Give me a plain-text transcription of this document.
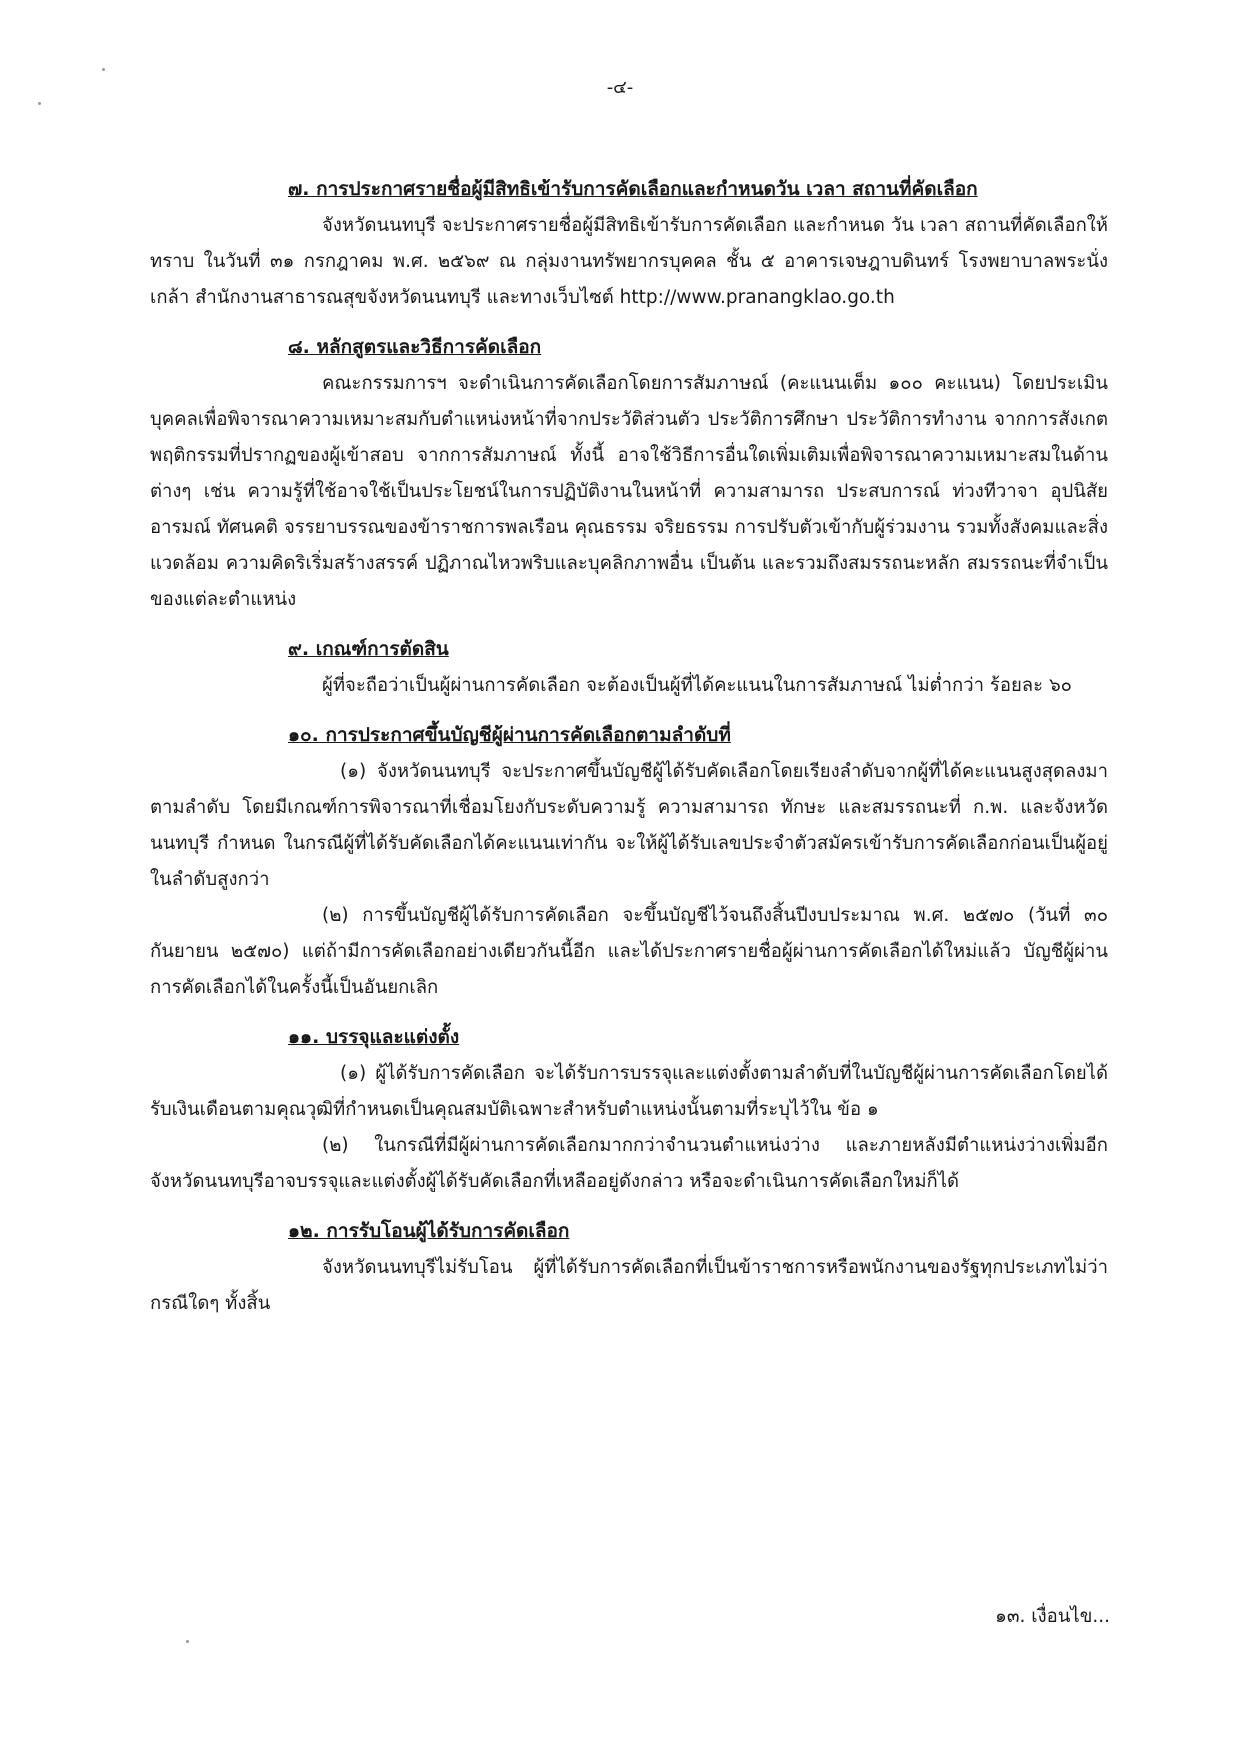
-๔-

๗. การประกาศรายชื่อผู้มีสิทธิเข้ารับการคัดเลือกและกำหนดวัน เวลา สถานที่คัดเลือก

จังหวัดนนทบุรี จะประกาศรายชื่อผู้มีสิทธิเข้ารับการคัดเลือก และกำหนด วัน เวลา สถานที่คัดเลือกให้ทราบ ในวันที่ ๓๑ กรกฎาคม พ.ศ. ๒๕๖๙ ณ กลุ่มงานทรัพยากรบุคคล ชั้น ๕ อาคารเจษฎาบดินทร์ โรงพยาบาลพระนั่งเกล้า สำนักงานสาธารณสุขจังหวัดนนทบุรี และทางเว็บไซต์ http://www.pranangklao.go.th

๘. หลักสูตรและวิธีการคัดเลือก

คณะกรรมการฯ จะดำเนินการคัดเลือกโดยการสัมภาษณ์ (คะแนนเต็ม ๑๐๐ คะแนน) โดยประเมินบุคคลเพื่อพิจารณาความเหมาะสมกับตำแหน่งหน้าที่จากประวัติส่วนตัว ประวัติการศึกษา ประวัติการทำงาน จากการสังเกตพฤติกรรมที่ปรากฏของผู้เข้าสอบ จากการสัมภาษณ์ ทั้งนี้ อาจใช้วิธีการอื่นใดเพิ่มเติมเพื่อพิจารณาความเหมาะสมในด้านต่างๆ เช่น ความรู้ที่ใช้อาจใช้เป็นประโยชน์ในการปฏิบัติงานในหน้าที่ ความสามารถ ประสบการณ์ ท่วงทีวาจา อุปนิสัย อารมณ์ ทัศนคติ จรรยาบรรณของข้าราชการพลเรือน คุณธรรม จริยธรรม การปรับตัวเข้ากับผู้ร่วมงาน รวมทั้งสังคมและสิ่งแวดล้อม ความคิดริเริ่มสร้างสรรค์ ปฏิภาณไหวพริบและบุคลิกภาพอื่น เป็นต้น และรวมถึงสมรรถนะหลัก สมรรถนะที่จำเป็นของแต่ละตำแหน่ง

๙. เกณฑ์การตัดสิน

ผู้ที่จะถือว่าเป็นผู้ผ่านการคัดเลือก จะต้องเป็นผู้ที่ได้คะแนนในการสัมภาษณ์ ไม่ต่ำกว่า ร้อยละ ๖๐

๑๐. การประกาศขึ้นบัญชีผู้ผ่านการคัดเลือกตามลำดับที่

(๑) จังหวัดนนทบุรี จะประกาศขึ้นบัญชีผู้ได้รับคัดเลือกโดยเรียงลำดับจากผู้ที่ได้คะแนนสูงสุดลงมาตามลำดับ โดยมีเกณฑ์การพิจารณาที่เชื่อมโยงกับระดับความรู้ ความสามารถ ทักษะ และสมรรถนะที่ ก.พ. และจังหวัดนนทบุรี กำหนด ในกรณีผู้ที่ได้รับคัดเลือกได้คะแนนเท่ากัน จะให้ผู้ได้รับเลขประจำตัวสมัครเข้ารับการคัดเลือกก่อนเป็นผู้อยู่ในลำดับสูงกว่า

(๒) การขึ้นบัญชีผู้ได้รับการคัดเลือก จะขึ้นบัญชีไว้จนถึงสิ้นปีงบประมาณ พ.ศ. ๒๕๗๐ (วันที่ ๓๐ กันยายน ๒๕๗๐) แต่ถ้ามีการคัดเลือกอย่างเดียวกันนี้อีก และได้ประกาศรายชื่อผู้ผ่านการคัดเลือกได้ใหม่แล้ว บัญชีผู้ผ่านการคัดเลือกได้ในครั้งนี้เป็นอันยกเลิก

๑๑. บรรจุและแต่งตั้ง

(๑) ผู้ได้รับการคัดเลือก จะได้รับการบรรจุและแต่งตั้งตามลำดับที่ในบัญชีผู้ผ่านการคัดเลือกโดยได้รับเงินเดือนตามคุณวุฒิที่กำหนดเป็นคุณสมบัติเฉพาะสำหรับตำแหน่งนั้นตามที่ระบุไว้ใน ข้อ ๑

(๒) ในกรณีที่มีผู้ผ่านการคัดเลือกมากกว่าจำนวนตำแหน่งว่าง และภายหลังมีตำแหน่งว่างเพิ่มอีก จังหวัดนนทบุรีอาจบรรจุและแต่งตั้งผู้ได้รับคัดเลือกที่เหลืออยู่ดังกล่าว หรือจะดำเนินการคัดเลือกใหม่ก็ได้

๑๒. การรับโอนผู้ได้รับการคัดเลือก

จังหวัดนนทบุรีไม่รับโอน ผู้ที่ได้รับการคัดเลือกที่เป็นข้าราชการหรือพนักงานของรัฐทุกประเภทไม่ว่ากรณีใดๆ ทั้งสิ้น

๑๓. เงื่อนไข...
